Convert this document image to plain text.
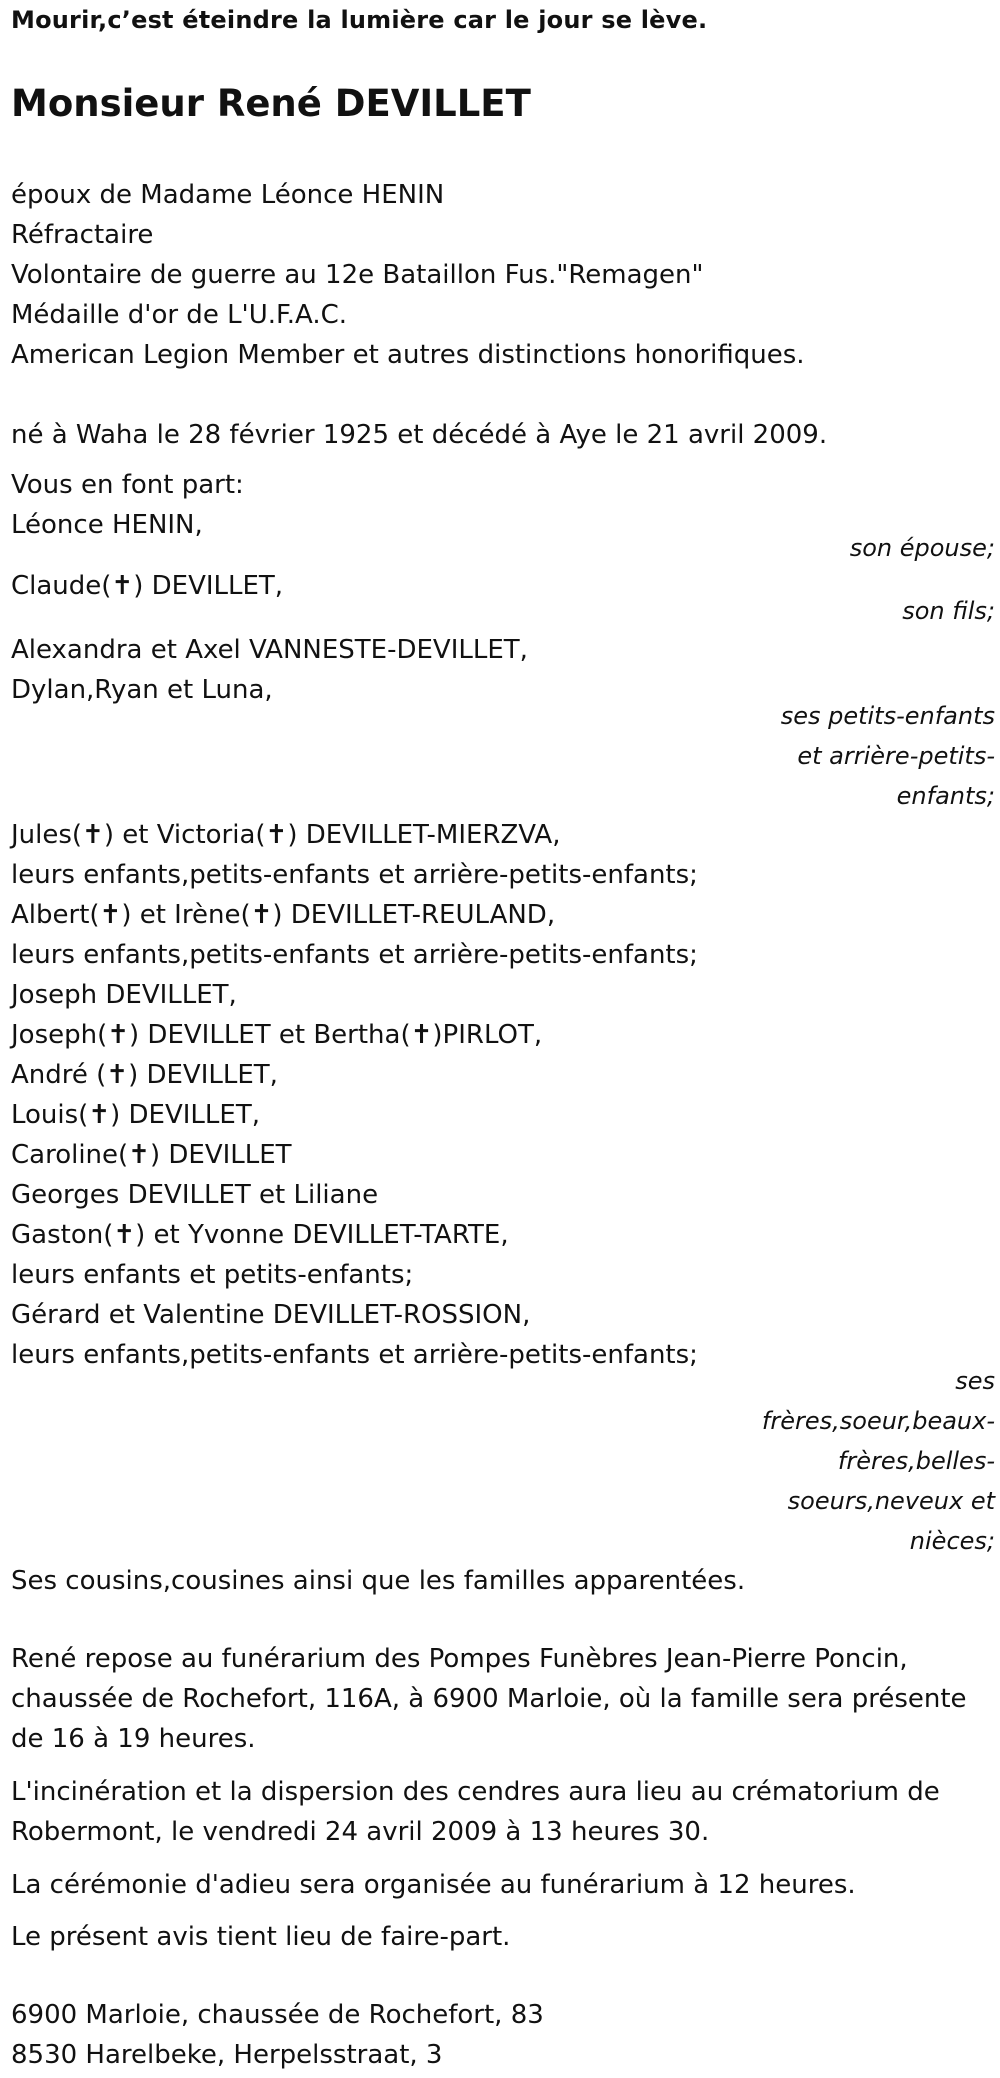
Mourir,c’est éteindre la lumière car le jour se lève.
Monsieur René DEVILLET
époux de Madame Léonce HENIN
Réfractaire
Volontaire de guerre au 12e Bataillon Fus."Remagen"
Médaille d'or de L'U.F.A.C.
American Legion Member et autres distinctions honorifiques.
né à Waha le 28 février 1925 et décédé à Aye le 21 avril 2009.
Vous en font part:
Léonce HENIN,
son épouse;
Claude(✝) DEVILLET,
son fils;
Alexandra et Axel VANNESTE-DEVILLET,
Dylan,Ryan et Luna,
ses petits-enfants
et arrière-petits-
enfants;
Jules(✝) et Victoria(✝) DEVILLET-MIERZVA,
leurs enfants,petits-enfants et arrière-petits-enfants;
Albert(✝) et Irène(✝) DEVILLET-REULAND,
leurs enfants,petits-enfants et arrière-petits-enfants;
Joseph DEVILLET,
Joseph(✝) DEVILLET et Bertha(✝)PIRLOT,
André (✝) DEVILLET,
Louis(✝) DEVILLET,
Caroline(✝) DEVILLET
Georges DEVILLET et Liliane
Gaston(✝) et Yvonne DEVILLET-TARTE,
leurs enfants et petits-enfants;
Gérard et Valentine DEVILLET-ROSSION,
leurs enfants,petits-enfants et arrière-petits-enfants;
ses
frères,soeur,beaux-
frères,belles-
soeurs,neveux et
nièces;
Ses cousins,cousines ainsi que les familles apparentées.
René repose au funérarium des Pompes Funèbres Jean-Pierre Poncin,
chaussée de Rochefort, 116A, à 6900 Marloie, où la famille sera présente
de 16 à 19 heures.
L'incinération et la dispersion des cendres aura lieu au crématorium de
Robermont, le vendredi 24 avril 2009 à 13 heures 30.
La cérémonie d'adieu sera organisée au funérarium à 12 heures.
Le présent avis tient lieu de faire-part.
6900 Marloie, chaussée de Rochefort, 83
8530 Harelbeke, Herpelsstraat, 3
